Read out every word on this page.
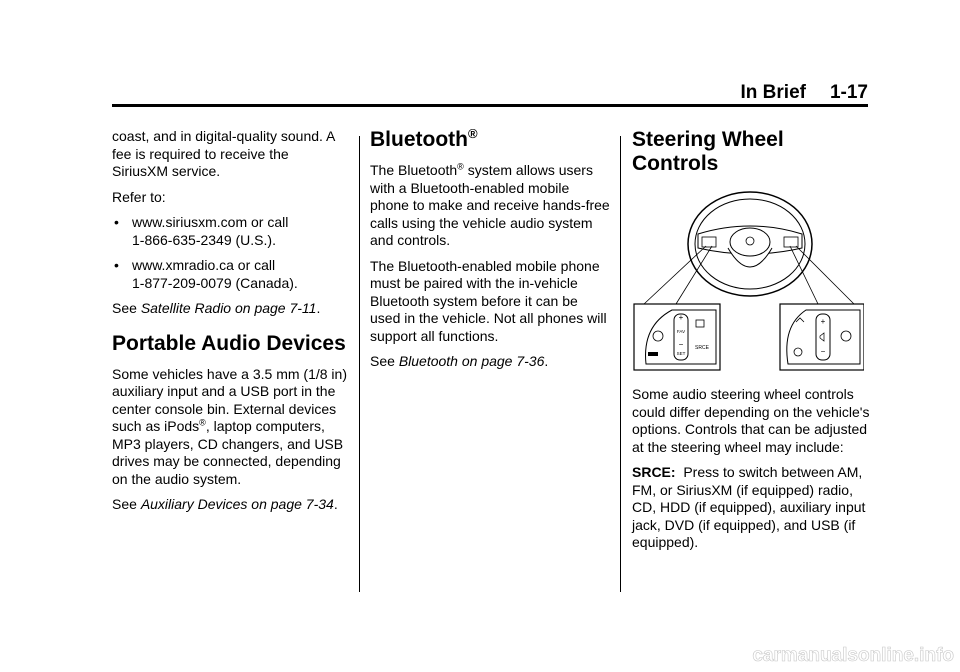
In Brief 1-17

coast, and in digital-quality sound. A fee is required to receive the SiriusXM service.

Refer to:

• www.siriusxm.com or call
1-866-635-2349 (U.S.).
• www.xmradio.ca or call
1-877-209-0079 (Canada).

See Satellite Radio on page 7-11.

Portable Audio Devices

Some vehicles have a 3.5 mm (1/8 in) auxiliary input and a USB port in the center console bin. External devices such as iPods®, laptop computers, MP3 players, CD changers, and USB drives may be connected, depending on the audio system.

See Auxiliary Devices on page 7-34.

Bluetooth®

The Bluetooth® system allows users with a Bluetooth-enabled mobile phone to make and receive hands-free calls using the vehicle audio system and controls.

The Bluetooth-enabled mobile phone must be paired with the in-vehicle Bluetooth system before it can be used in the vehicle. Not all phones will support all functions.

See Bluetooth on page 7-36.

Steering Wheel Controls
+
FAV
−
SET
SRCE
+
−

Some audio steering wheel controls could differ depending on the vehicle's options. Controls that can be adjusted at the steering wheel may include:

SRCE: Press to switch between AM, FM, or SiriusXM (if equipped) radio, CD, HDD (if equipped), auxiliary input jack, DVD (if equipped), and USB (if equipped).

carmanualsonline.info
